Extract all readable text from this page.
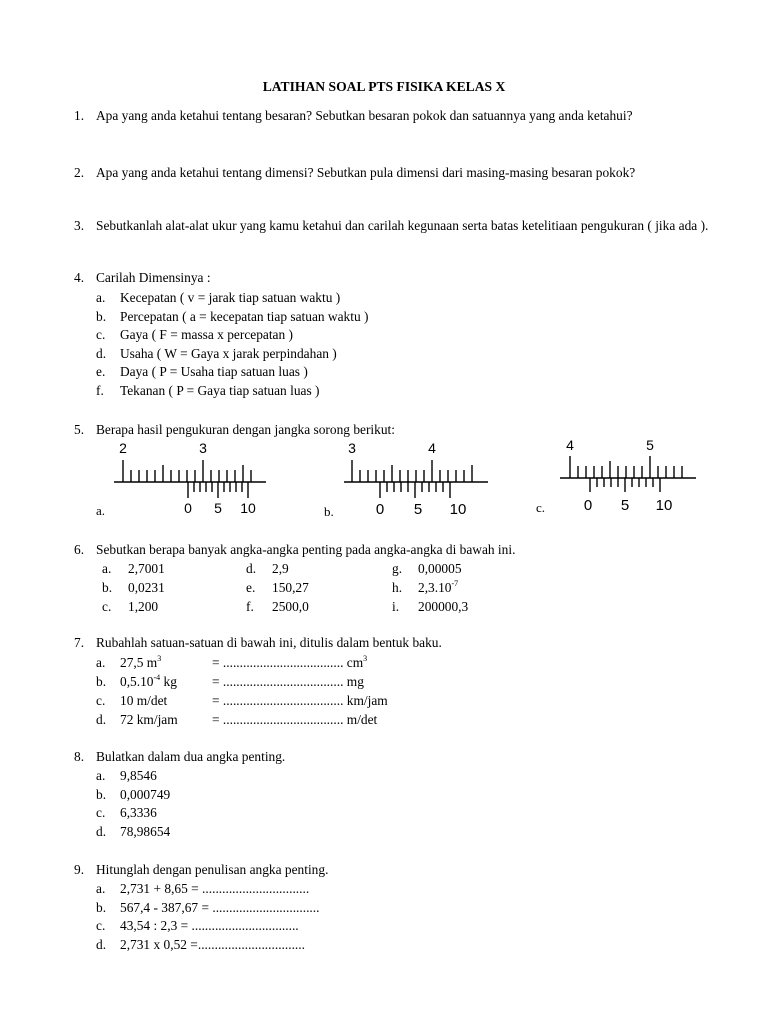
LATIHAN SOAL PTS FISIKA KELAS X
1. Apa yang anda ketahui tentang besaran? Sebutkan besaran pokok dan satuannya yang anda ketahui?
2. Apa yang anda ketahui tentang dimensi? Sebutkan pula dimensi dari masing-masing besaran pokok?
3. Sebutkanlah alat-alat ukur yang kamu ketahui dan carilah kegunaan serta batas ketelitiaan pengukuran ( jika ada ).
4. Carilah Dimensinya :
a. Kecepatan ( v = jarak tiap satuan waktu )
b. Percepatan ( a = kecepatan tiap satuan waktu )
c. Gaya ( F = massa x percepatan )
d. Usaha ( W = Gaya x jarak perpindahan )
e. Daya ( P = Usaha tiap satuan luas )
f. Tekanan ( P = Gaya tiap satuan luas )
5. Berapa hasil pengukuran dengan jangka sorong berikut:
a.
2	3
0 5 10	b.
3	4
0 5 10	c.
4	5
0 5 10
6. Sebutkan berapa banyak angka-angka penting pada angka-angka di bawah ini.
a. 2,7001	d. 2,9	g. 0,00005
b. 0,0231	e. 150,27	h. $2,3.10^{-7}$
c. 1,200	f. 2500,0	i. 200000,3
7. Rubahlah satuan-satuan di bawah ini, ditulis dalam bentuk baku.
a. 27,5 $m^3$	= .................................... $cm^3$
b. $0,5.10^{-4}$ kg	= .................................... mg
c. 10 m/det	= .................................... km/jam
d. 72 km/jam	= .................................... m/det
8. Bulatkan dalam dua angka penting.
a. 9,8546
b. 0,000749
c. 6,3336
d. 78,98654
9. Hitunglah dengan penulisan angka penting.
a. 2,731 + 8,65 = ................................
b. 567,4 - 387,67 = ................................
c. 43,54 : 2,3 = ................................
d. 2,731 x 0,52 =................................
